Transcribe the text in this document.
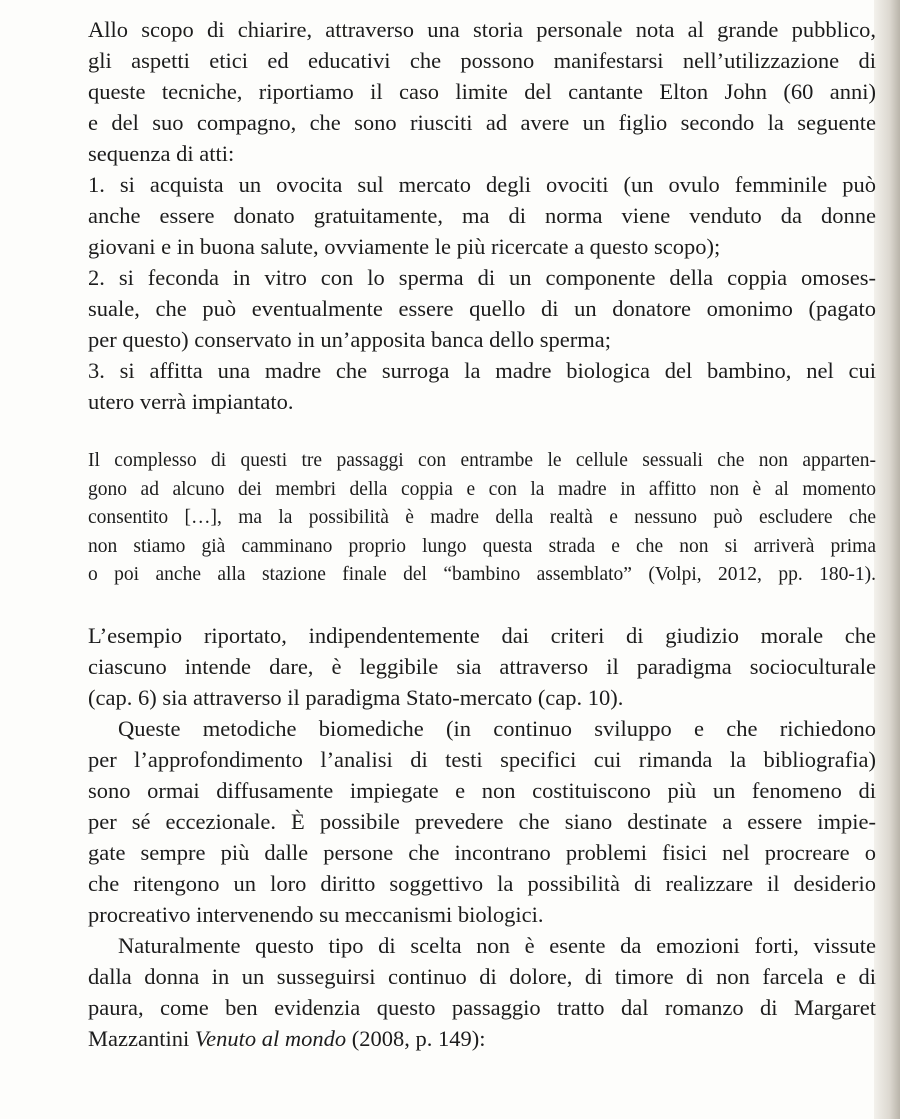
Allo scopo di chiarire, attraverso una storia personale nota al grande pubblico,
gli aspetti etici ed educativi che possono manifestarsi nell’utilizzazione di
queste tecniche, riportiamo il caso limite del cantante Elton John (60 anni)
e del suo compagno, che sono riusciti ad avere un figlio secondo la seguente
sequenza di atti:
1. si acquista un ovocita sul mercato degli ovociti (un ovulo femminile può
anche essere donato gratuitamente, ma di norma viene venduto da donne
giovani e in buona salute, ovviamente le più ricercate a questo scopo);
2. si feconda in vitro con lo sperma di un componente della coppia omoses-
suale, che può eventualmente essere quello di un donatore omonimo (pagato
per questo) conservato in un’apposita banca dello sperma;
3. si affitta una madre che surroga la madre biologica del bambino, nel cui
utero verrà impiantato.
Il complesso di questi tre passaggi con entrambe le cellule sessuali che non apparten-
gono ad alcuno dei membri della coppia e con la madre in affitto non è al momento
consentito […], ma la possibilità è madre della realtà e nessuno può escludere che
non stiamo già camminano proprio lungo questa strada e che non si arriverà prima
o poi anche alla stazione finale del “bambino assemblato” (Volpi, 2012, pp. 180-1).
L’esempio riportato, indipendentemente dai criteri di giudizio morale che
ciascuno intende dare, è leggibile sia attraverso il paradigma socioculturale
(cap. 6) sia attraverso il paradigma Stato-mercato (cap. 10).
Queste metodiche biomediche (in continuo sviluppo e che richiedono
per l’approfondimento l’analisi di testi specifici cui rimanda la bibliografia)
sono ormai diffusamente impiegate e non costituiscono più un fenomeno di
per sé eccezionale. È possibile prevedere che siano destinate a essere impie-
gate sempre più dalle persone che incontrano problemi fisici nel procreare o
che ritengono un loro diritto soggettivo la possibilità di realizzare il desiderio
procreativo intervenendo su meccanismi biologici.
Naturalmente questo tipo di scelta non è esente da emozioni forti, vissute
dalla donna in un susseguirsi continuo di dolore, di timore di non farcela e di
paura, come ben evidenzia questo passaggio tratto dal romanzo di Margaret
Mazzantini Venuto al mondo (2008, p. 149):
